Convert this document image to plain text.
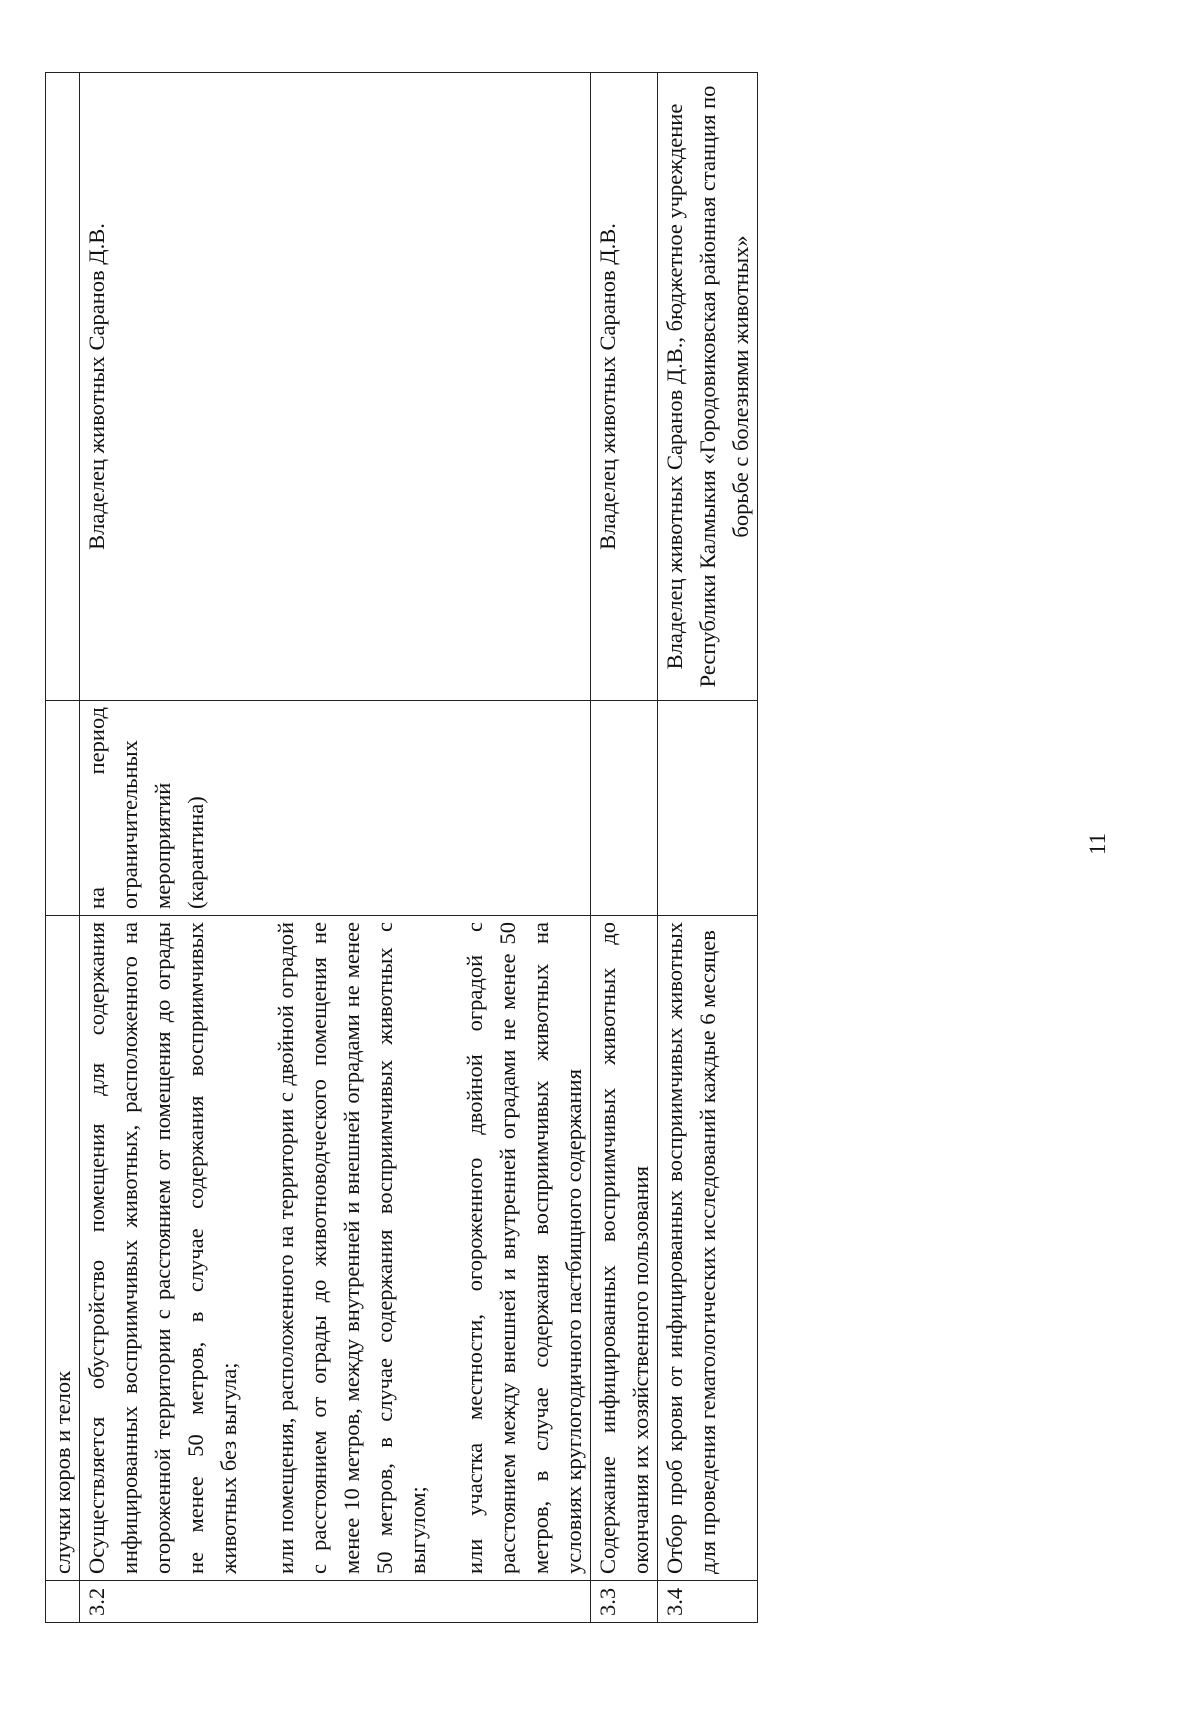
	случки коров и телок		
3.2	Осуществляется обустройство помещения для содержания инфицированных восприимчивых животных, расположенного на огороженной территории с расстоянием от помещения до ограды не менее 50 метров, в случае содержания восприимчивых животных без выгула; или помещения, расположенного на территории с двойной оградой с расстоянием от ограды до животноводческого помещения не менее 10 метров, между внутренней и внешней оградами не менее 50 метров, в случае содержания восприимчивых животных с выгулом; или участка местности, огороженного двойной оградой с расстоянием между внешней и внутренней оградами не менее 50 метров, в случае содержания восприимчивых животных на условиях круглогодичного пастбищного содержания	на период ограничительных мероприятий (карантина)	Владелец животных Саранов Д.В.
3.3	Содержание инфицированных восприимчивых животных до окончания их хозяйственного пользования		Владелец животных Саранов Д.В.
3.4	Отбор проб крови от инфицированных восприимчивых животных для проведения гематологических исследований каждые 6 месяцев		Владелец животных Саранов Д.В., бюджетное учреждение Республики Калмыкия «Городовиковская районная станция по борьбе с болезнями животных»
11
